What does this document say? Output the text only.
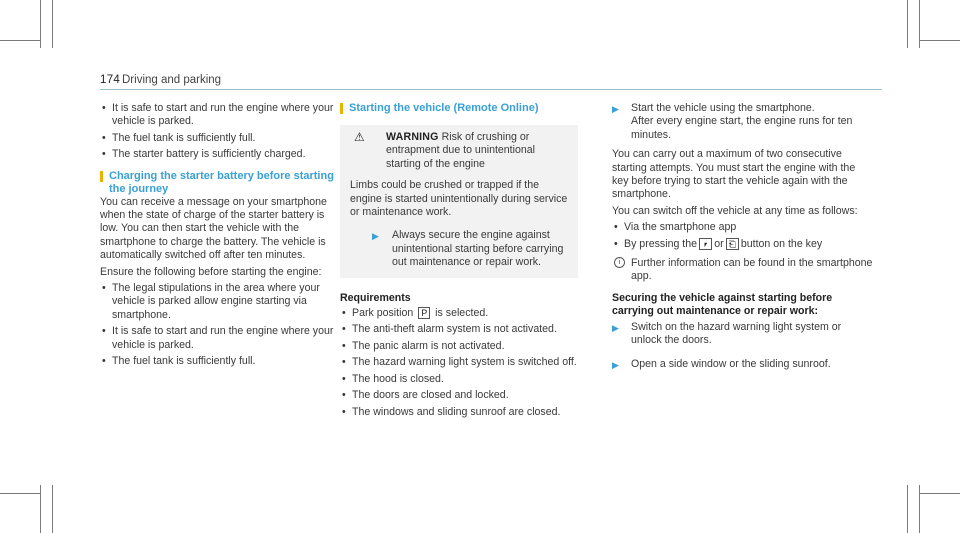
174 Driving and parking
• It is safe to start and run the engine where your vehicle is parked.
• The fuel tank is sufficiently full.
• The starter battery is sufficiently charged.
Charging the starter battery before starting the journey

You can receive a message on your smartphone when the state of charge of the starter battery is low. You can then start the vehicle with the smartphone to charge the battery. The vehicle is automatically switched off after ten minutes.

Ensure the following before starting the engine:

• The legal stipulations in the area where your vehicle is parked allow engine starting via smartphone.
• It is safe to start and run the engine where your vehicle is parked.
• The fuel tank is sufficiently full.
Starting the vehicle (Remote Online)
⚠ WARNING Risk of crushing or entrapment due to unintentional starting of the engine
Limbs could be crushed or trapped if the engine is started unintentionally during service or maintenance work.
▶ Always secure the engine against unintentional starting before carrying out maintenance or repair work.
Requirements
• Park position P is selected.
• The anti-theft alarm system is not activated.
• The panic alarm is not activated.
• The hazard warning light system is switched off.
• The hood is closed.
• The doors are closed and locked.
• The windows and sliding sunroof are closed.
▶ Start the vehicle using the smartphone.
After every engine start, the engine runs for ten minutes.

You can carry out a maximum of two consecutive starting attempts. You must start the engine with the key before trying to start the vehicle again with the smartphone.

You can switch off the vehicle at any time as follows:

• Via the smartphone app
• By pressing the ⎖ or ⎗ button on the key
i	Further information can be found in the smartphone app.
Securing the vehicle against starting before carrying out maintenance or repair work:
▶ Switch on the hazard warning light system or unlock the doors.
▶ Open a side window or the sliding sunroof.
